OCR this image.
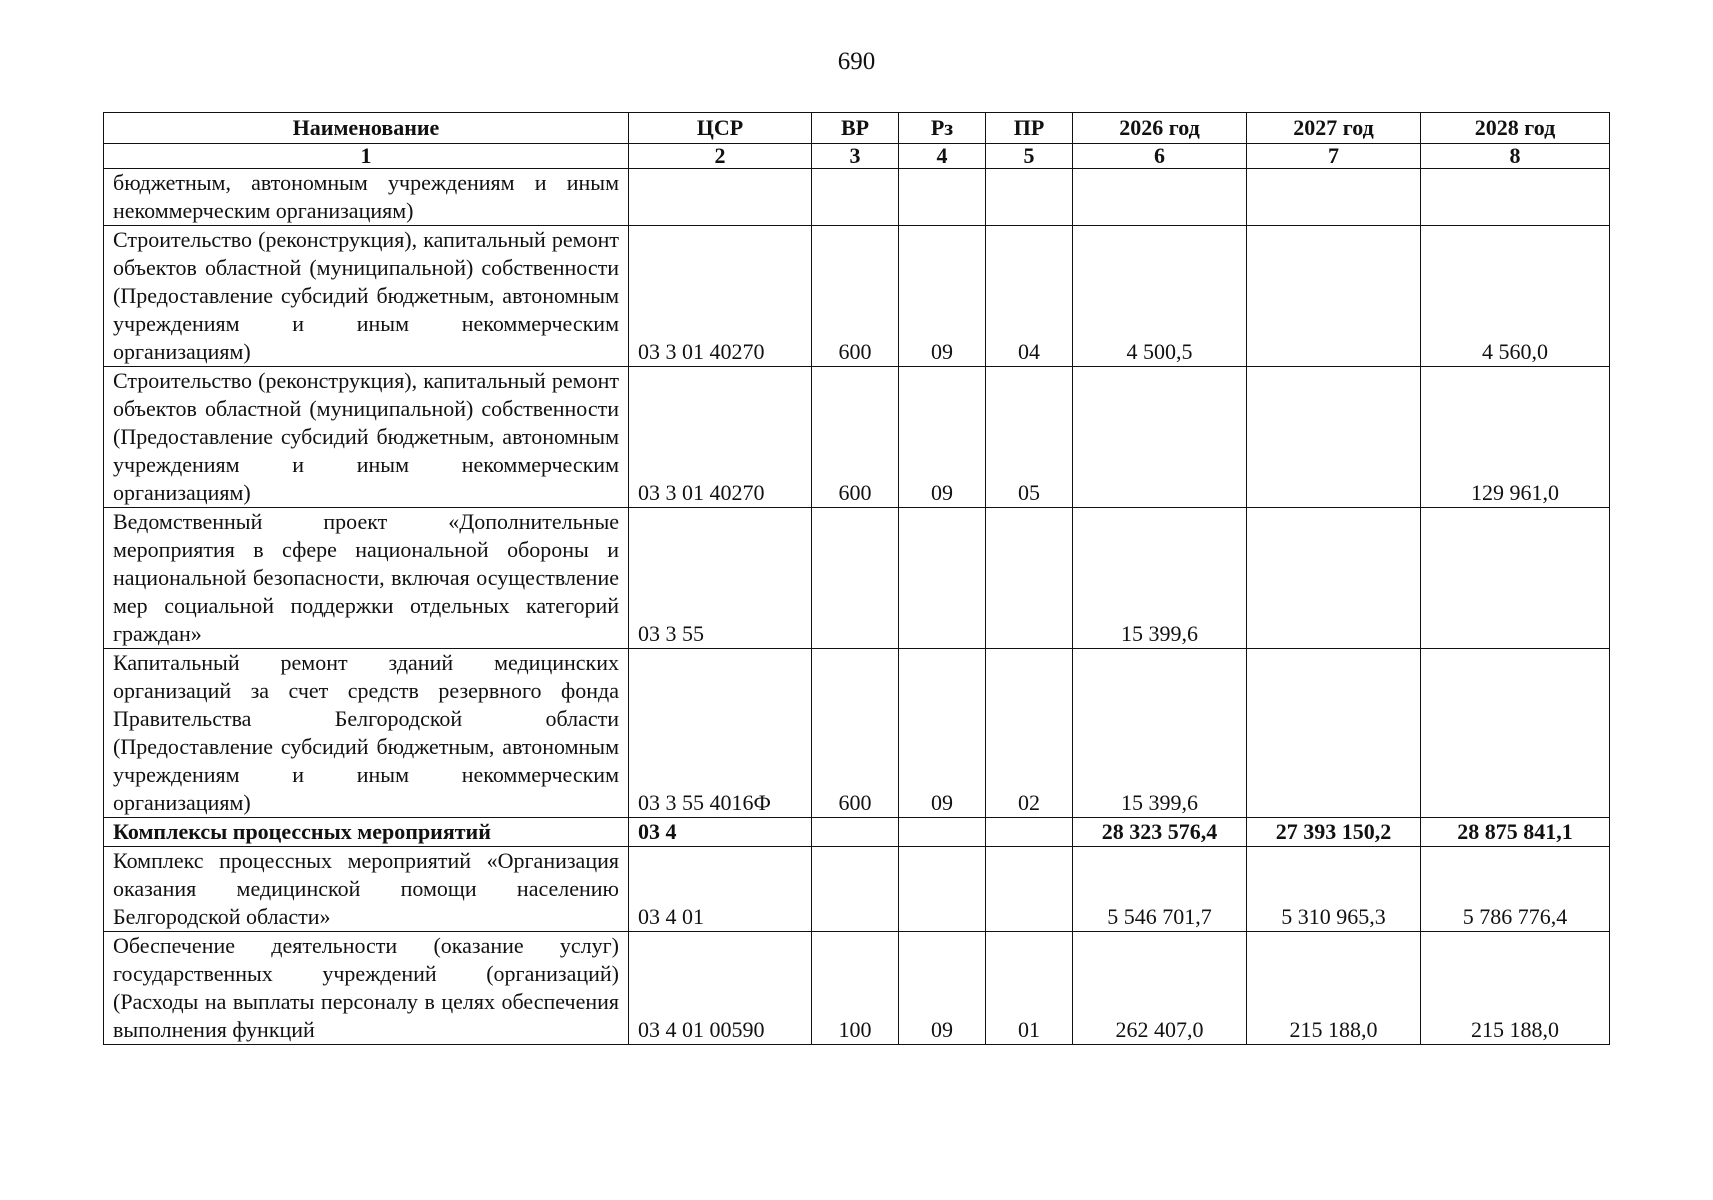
690
Наименование	ЦСР	ВР	Рз	ПР	2026 год	2027 год	2028 год
1	2	3	4	5	6	7	8
бюджетным, автономным учреждениям и иным некоммерческим организациям)							
Строительство (реконструкция), капитальный ремонт объектов областной (муниципальной) собственности (Предоставление субсидий бюджетным, автономным учреждениям и иным некоммерческим организациям)	03 3 01 40270	600	09	04	4 500,5		4 560,0
Строительство (реконструкция), капитальный ремонт объектов областной (муниципальной) собственности (Предоставление субсидий бюджетным, автономным учреждениям и иным некоммерческим организациям)	03 3 01 40270	600	09	05			129 961,0
Ведомственный проект «Дополнительные мероприятия в сфере национальной обороны и национальной безопасности, включая осуществление мер социальной поддержки отдельных категорий граждан»	03 3 55				15 399,6		
Капитальный ремонт зданий медицинских организаций за счет средств резервного фонда Правительства Белгородской области (Предоставление субсидий бюджетным, автономным учреждениям и иным некоммерческим организациям)	03 3 55 4016Ф	600	09	02	15 399,6		
Комплексы процессных мероприятий	03 4				28 323 576,4	27 393 150,2	28 875 841,1
Комплекс процессных мероприятий «Организация оказания медицинской помощи населению Белгородской области»	03 4 01				5 546 701,7	5 310 965,3	5 786 776,4
Обеспечение деятельности (оказание услуг) государственных учреждений (организаций) (Расходы на выплаты персоналу в целях обеспечения выполнения функций	03 4 01 00590	100	09	01	262 407,0	215 188,0	215 188,0
